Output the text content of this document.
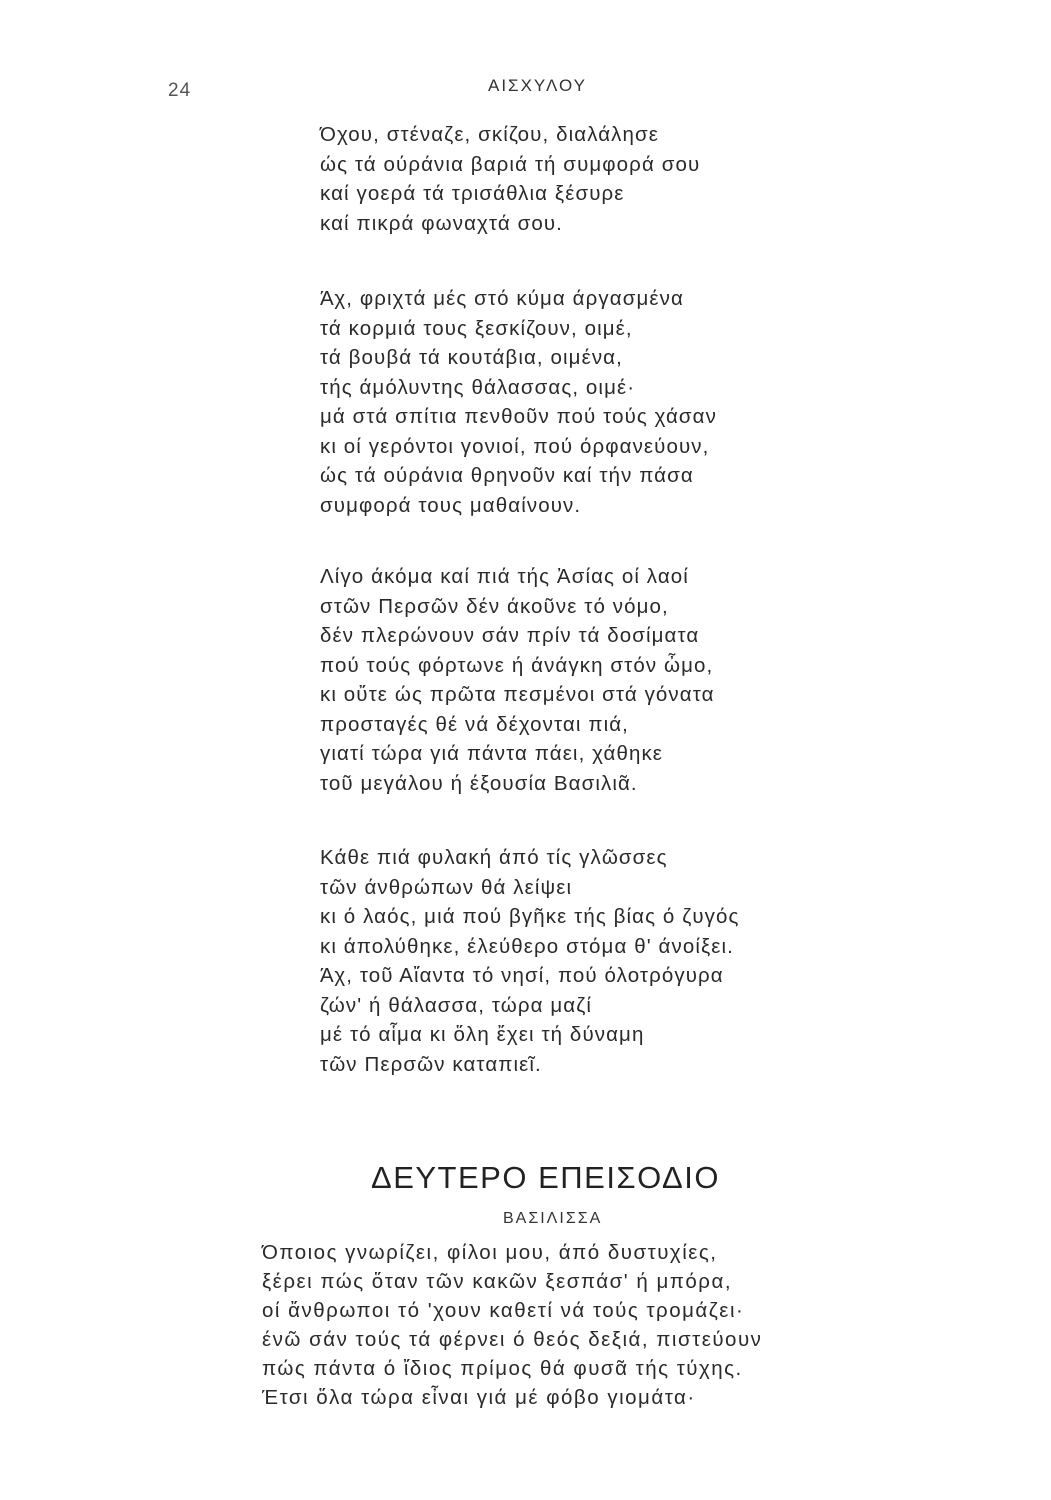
24	ΑΙΣΧΥΛΟΥ
Όχου, στέναζε, σκίζου, διαλάλησε
ώς τά ούράνια βαριά τή συμφορά σου
καί γοερά τά τρισάθλια ξέσυρε
καί πικρά φωναχτά σου.
Άχ, φριχτά μές στό κύμα άργασμένα
τά κορμιά τους ξεσκίζουν, οιμέ,
τά βουβά τά κουτάβια, οιμένα,
τής άμόλυντης θάλασσας, οιμέ·
μά στά σπίτια πενθοῦν πού τούς χάσαν
κι οί γερόντοι γονιοί, πού όρφανεύουν,
ώς τά ούράνια θρηνοῦν καί τήν πάσα
συμφορά τους μαθαίνουν.
Λίγο άκόμα καί πιά τής Ἀσίας οί λαοί
στῶν Περσῶν δέν άκοῦνε τό νόμο,
δέν πλερώνουν σάν πρίν τά δοσίματα
πού τούς φόρτωνε ή άνάγκη στόν ὦμο,
κι οὔτε ώς πρῶτα πεσμένοι στά γόνατα
προσταγές θέ νά δέχονται πιά,
γιατί τώρα γιά πάντα πάει, χάθηκε
τοῦ μεγάλου ή έξουσία Βασιλιᾶ.
Κάθε πιά φυλακή άπό τίς γλῶσσες
τῶν άνθρώπων θά λείψει
κι ό λαός, μιά πού βγῆκε τής βίας ό ζυγός
κι άπολύθηκε, έλεύθερο στόμα θ' άνοίξει.
Άχ, τοῦ Αἴαντα τό νησί, πού όλοτρόγυρα
ζών' ή θάλασσα, τώρα μαζί
μέ τό αἷμα κι ὅλη ἔχει τή δύναμη
τῶν Περσῶν καταπιεῖ.
ΔΕΥΤΕΡΟ ΕΠΕΙΣΟΔΙΟ
ΒΑΣΙΛΙΣΣΑ
Όποιος γνωρίζει, φίλοι μου, άπό δυστυχίες,
ξέρει πώς ὅταν τῶν κακῶν ξεσπάσ' ή μπόρα,
οί ἄνθρωποι τό 'χουν καθετί νά τούς τρομάζει·
ένῶ σάν τούς τά φέρνει ό θεός δεξιά, πιστεύουν
πώς πάντα ό ἴδιος πρίμος θά φυσᾶ τής τύχης.
Έτσι ὅλα τώρα εἶναι γιά μέ φόβο γιομάτα·
